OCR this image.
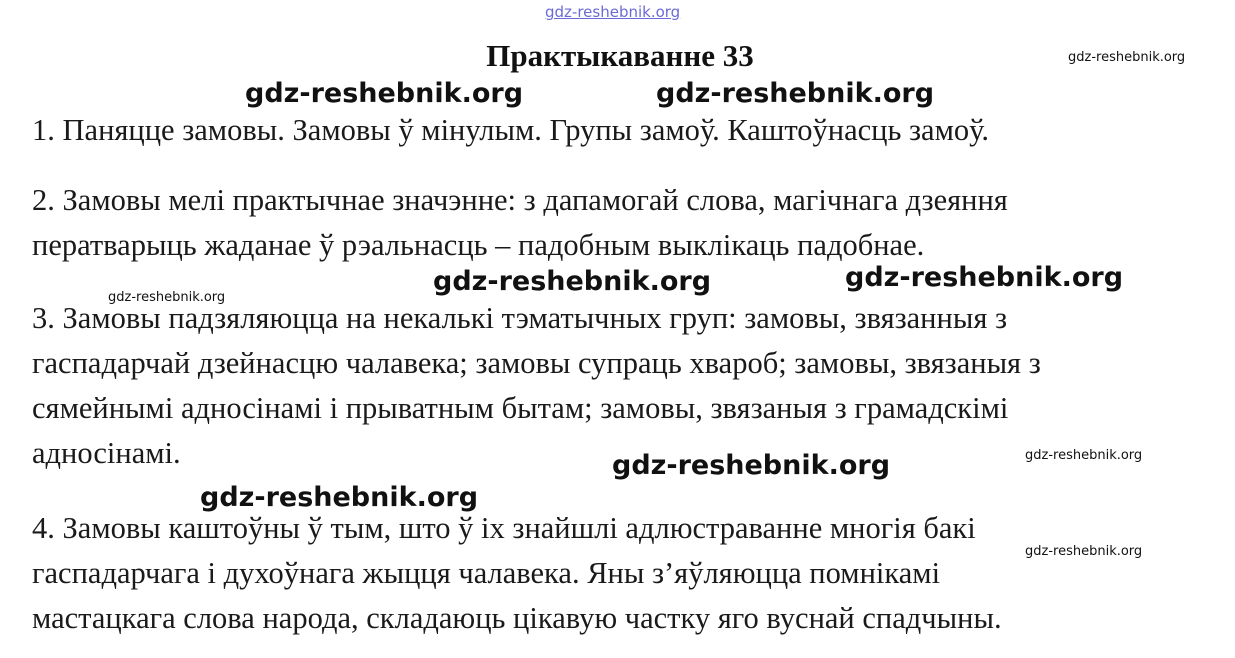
Практыкаванне 33
1. Паняцце замовы. Замовы ў мінулым. Групы замоў. Каштоўнасць замоў.
2. Замовы мелі практычнае значэнне: з дапамогай слова, магічнага дзеяння
ператварыць жаданае ў рэальнасць – падобным выклікаць падобнае.
3. Замовы падзяляюцца на некалькі тэматычных груп: замовы, звязанныя з
гаспадарчай дзейнасцю чалавека; замовы супраць хвароб; замовы, звязаныя з
сямейнымі адносінамі і прыватным бытам; замовы, звязаныя з грамадскімі
адносінамі.
4. Замовы каштоўны ў тым, што ў іх знайшлі адлюстраванне многія бакі
гаспадарчага і духоўнага жыцця чалавека. Яны з’яўляюцца помнікамі
мастацкага слова народа, складаюць цікавую частку яго вуснай спадчыны.
gdz-reshebnik.org
gdz-reshebnik.org
gdz-reshebnik.org	gdz-reshebnik.org
gdz-reshebnik.org	gdz-reshebnik.org
gdz-reshebnik.org
gdz-reshebnik.org
gdz-reshebnik.org
gdz-reshebnik.org
gdz-reshebnik.org
